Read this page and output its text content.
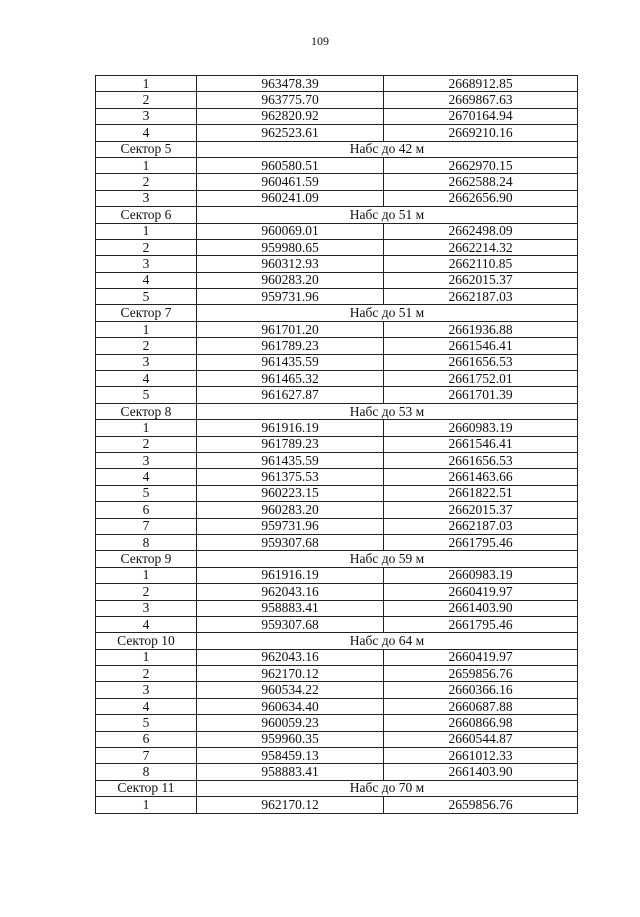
109
1	963478.39	2668912.85
2	963775.70	2669867.63
3	962820.92	2670164.94
4	962523.61	2669210.16
Сектор 5	Набс до 42 м	
1	960580.51	2662970.15
2	960461.59	2662588.24
3	960241.09	2662656.90
Сектор 6	Набс до 51 м	
1	960069.01	2662498.09
2	959980.65	2662214.32
3	960312.93	2662110.85
4	960283.20	2662015.37
5	959731.96	2662187.03
Сектор 7	Набс до 51 м	
1	961701.20	2661936.88
2	961789.23	2661546.41
3	961435.59	2661656.53
4	961465.32	2661752.01
5	961627.87	2661701.39
Сектор 8	Набс до 53 м	
1	961916.19	2660983.19
2	961789.23	2661546.41
3	961435.59	2661656.53
4	961375.53	2661463.66
5	960223.15	2661822.51
6	960283.20	2662015.37
7	959731.96	2662187.03
8	959307.68	2661795.46
Сектор 9	Набс до 59 м	
1	961916.19	2660983.19
2	962043.16	2660419.97
3	958883.41	2661403.90
4	959307.68	2661795.46
Сектор 10	Набс до 64 м	
1	962043.16	2660419.97
2	962170.12	2659856.76
3	960534.22	2660366.16
4	960634.40	2660687.88
5	960059.23	2660866.98
6	959960.35	2660544.87
7	958459.13	2661012.33
8	958883.41	2661403.90
Сектор 11	Набс до 70 м	
1	962170.12	2659856.76
